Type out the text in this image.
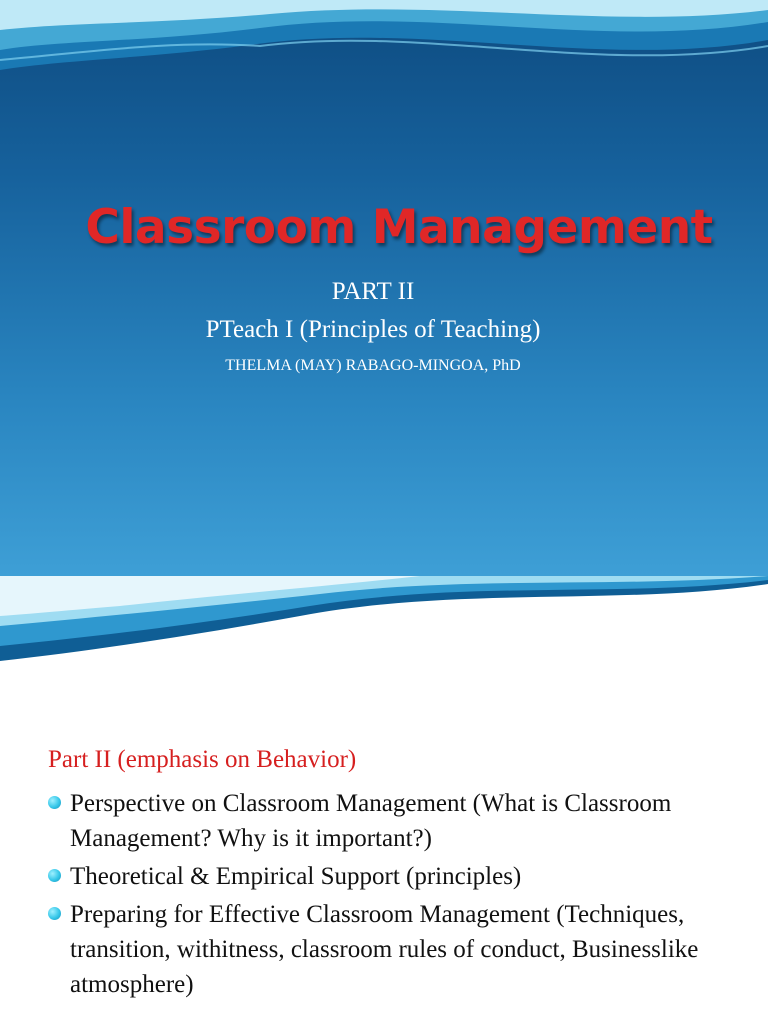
Classroom Management
PART II
PTeach I (Principles of Teaching)
THELMA (MAY) RABAGO-MINGOA, PhD
Part II (emphasis on Behavior)
Perspective on Classroom Management (What is Classroom Management? Why is it important?)
Theoretical & Empirical Support (principles)
Preparing for Effective Classroom Management (Techniques, transition, withitness, classroom rules of conduct, Businesslike atmosphere)
